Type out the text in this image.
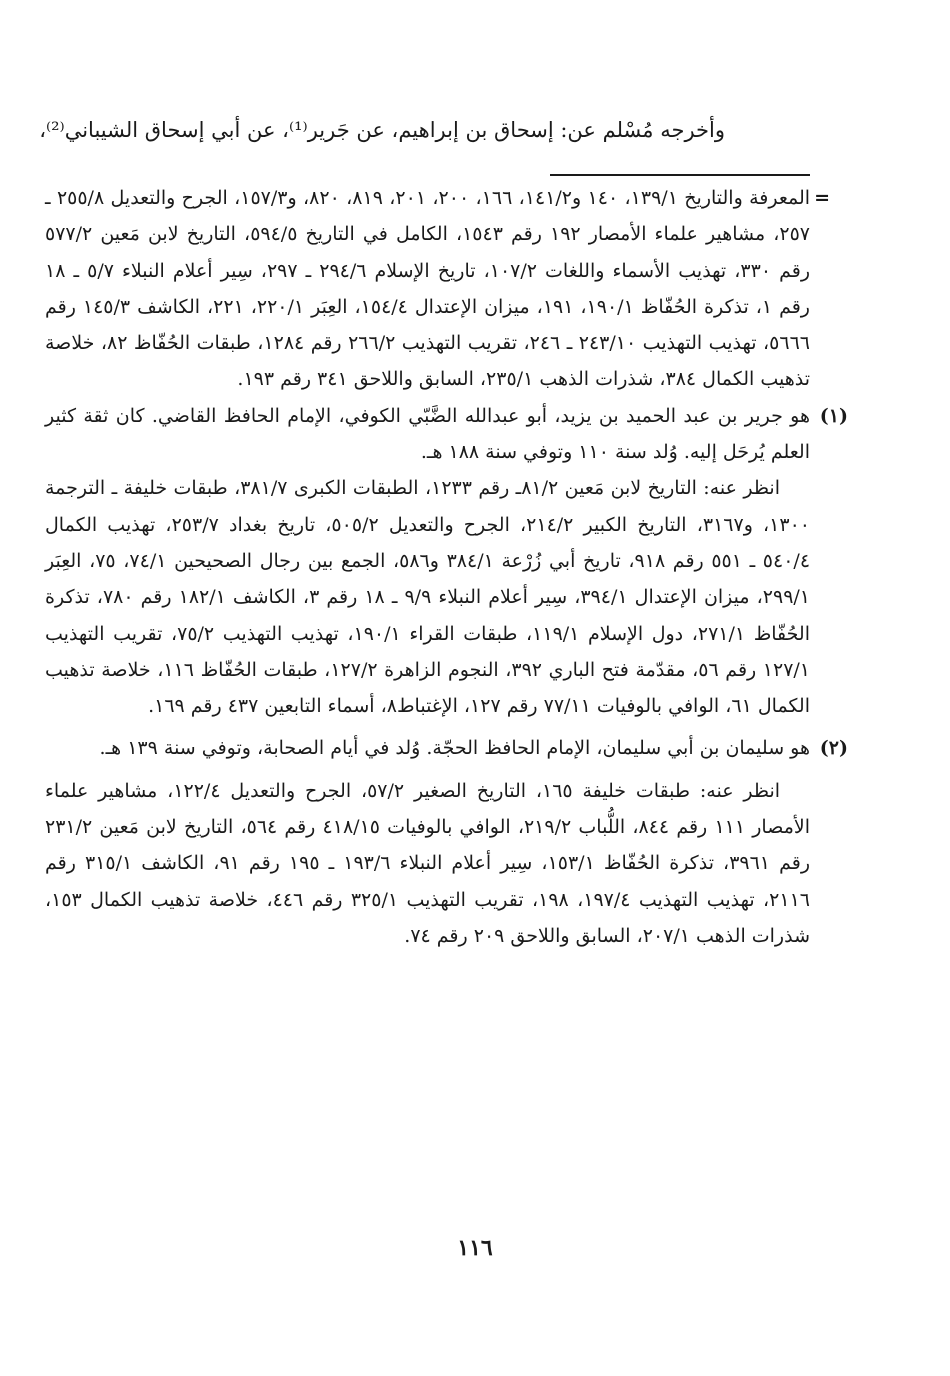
وأخرجه مُسْلم عن: إسحاق بن إبراهيم، عن جَرير⁽¹⁾، عن أبي إسحاق الشيباني⁽²⁾،

=
المعرفة والتاريخ ١٣٩/١، ١٤٠ و١٤١/٢، ١٦٦، ٢٠٠، ٢٠١، ٨١٩، ٨٢٠، و١٥٧/٣، الجرح والتعديل ٢٥٥/٨ ـ ٢٥٧، مشاهير علماء الأمصار ١٩٢ رقم ١٥٤٣، الكامل في التاريخ ٥٩٤/٥، التاريخ لابن مَعين ٥٧٧/٢ رقم ٣٣٠، تهذيب الأسماء واللغات ١٠٧/٢، تاريخ الإسلام ٢٩٤/٦ ـ ٢٩٧، سِير أعلام النبلاء ٥/٧ ـ ١٨ رقم ١، تذكرة الحُفّاظ ١٩٠/١، ١٩١، ميزان الإعتدال ١٥٤/٤، العِبَر ٢٢٠/١، ٢٢١، الكاشف ١٤٥/٣ رقم ٥٦٦٦، تهذيب التهذيب ٢٤٣/١٠ ـ ٢٤٦، تقريب التهذيب ٢٦٦/٢ رقم ١٢٨٤، طبقات الحُفّاظ ٨٢، خلاصة تذهيب الكمال ٣٨٤، شذرات الذهب ٢٣٥/١، السابق واللاحق ٣٤١ رقم ١٩٣.

(١)
هو جرير بن عبد الحميد بن يزيد، أبو عبدالله الضَّبّي الكوفي، الإمام الحافظ القاضي. كان ثقة كثير العلم يُرحَل إليه. وُلد سنة ١١٠ وتوفي سنة ١٨٨ هـ.

انظر عنه: التاريخ لابن مَعين ٨١/٢ـ رقم ١٢٣٣، الطبقات الكبرى ٣٨١/٧، طبقات خليفة ـ الترجمة ١٣٠٠، و٣١٦٧، التاريخ الكبير ٢١٤/٢، الجرح والتعديل ٥٠٥/٢، تاريخ بغداد ٢٥٣/٧، تهذيب الكمال ٥٤٠/٤ ـ ٥٥١ رقم ٩١٨، تاريخ أبي زُرْعة ٣٨٤/١ و٥٨٦، الجمع بين رجال الصحيحين ٧٤/١، ٧٥، العِبَر ٢٩٩/١، ميزان الإعتدال ٣٩٤/١، سِير أعلام النبلاء ٩/٩ ـ ١٨ رقم ٣، الكاشف ١٨٢/١ رقم ٧٨٠، تذكرة الحُفّاظ ٢٧١/١، دول الإسلام ١١٩/١، طبقات القراء ١٩٠/١، تهذيب التهذيب ٧٥/٢، تقريب التهذيب ١٢٧/١ رقم ٥٦، مقدّمة فتح الباري ٣٩٢، النجوم الزاهرة ١٢٧/٢، طبقات الحُفّاظ ١١٦، خلاصة تذهيب الكمال ٦١، الوافي بالوفيات ٧٧/١١ رقم ١٢٧، الإغتباط٨، أسماء التابعين ٤٣٧ رقم ١٦٩.

(٢)
هو سليمان بن أبي سليمان، الإمام الحافظ الحجّة. وُلد في أيام الصحابة، وتوفي سنة ١٣٩ هـ.

انظر عنه: طبقات خليفة ١٦٥، التاريخ الصغير ٥٧/٢، الجرح والتعديل ١٢٢/٤، مشاهير علماء الأمصار ١١١ رقم ٨٤٤، اللُّباب ٢١٩/٢، الوافي بالوفيات ٤١٨/١٥ رقم ٥٦٤، التاريخ لابن مَعين ٢٣١/٢ رقم ٣٩٦١، تذكرة الحُفّاظ ١٥٣/١، سِير أعلام النبلاء ١٩٣/٦ ـ ١٩٥ رقم ٩١، الكاشف ٣١٥/١ رقم ٢١١٦، تهذيب التهذيب ١٩٧/٤، ١٩٨، تقريب التهذيب ٣٢٥/١ رقم ٤٤٦، خلاصة تذهيب الكمال ١٥٣، شذرات الذهب ٢٠٧/١، السابق واللاحق ٢٠٩ رقم ٧٤.

١١٦
